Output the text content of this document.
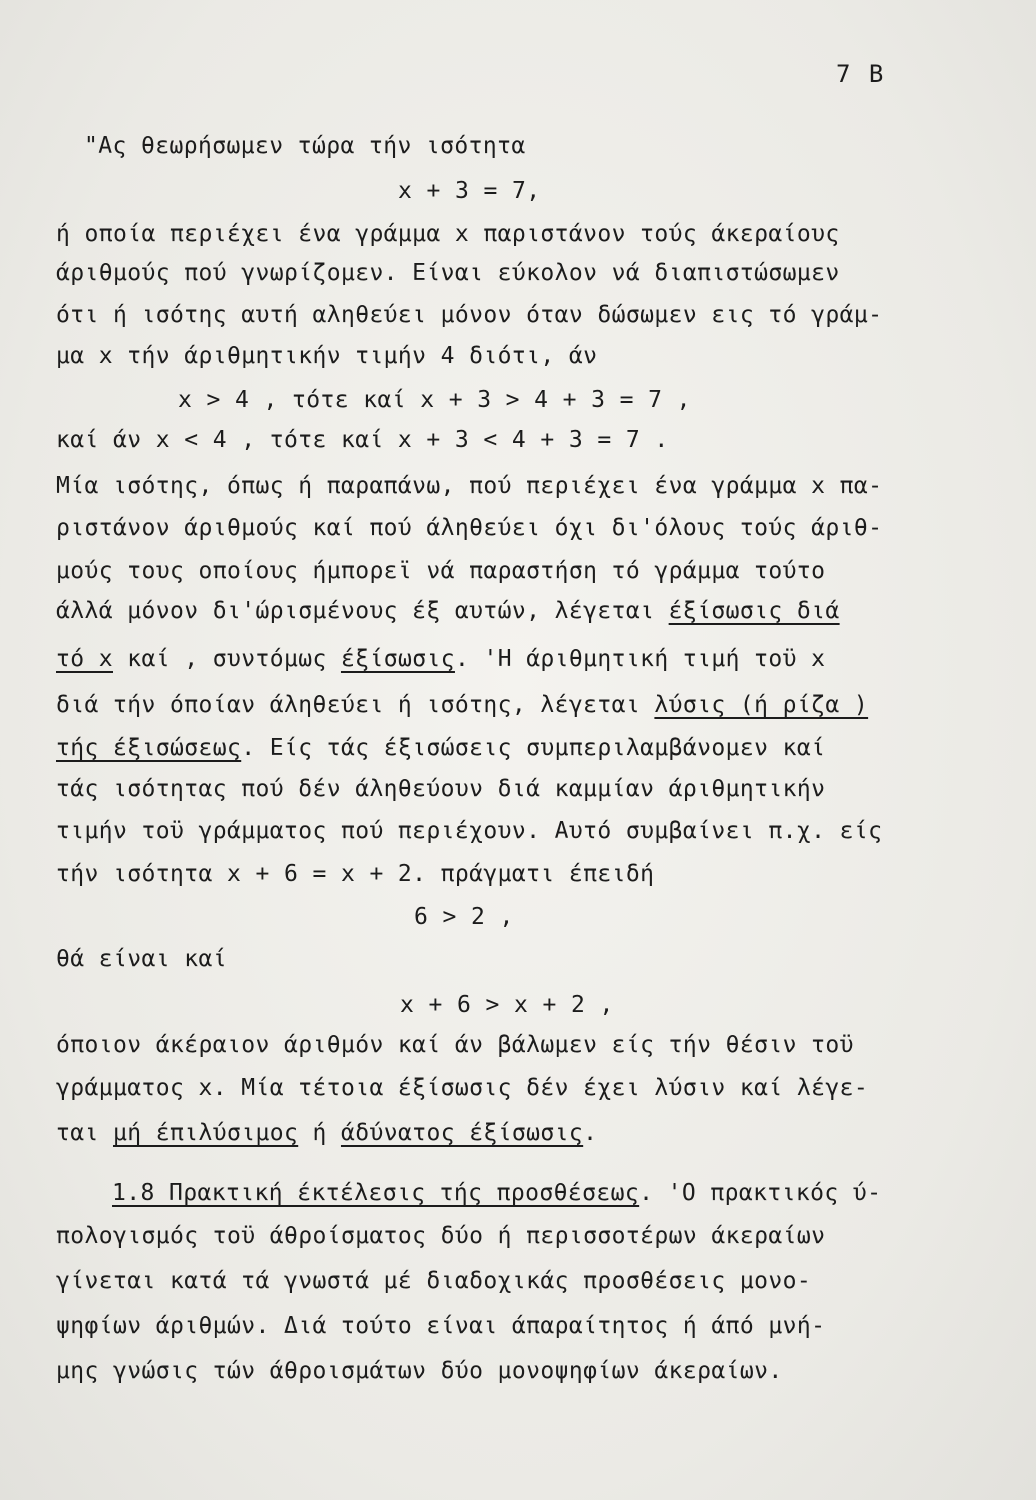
7 Β
"Ας θεωρήσωμεν τώρα τήν ισότητα
x + 3 = 7,
ή οποία περιέχει ένα γράμμα x παριστάνον τούς άκεραίους
άριθμούς πού γνωρίζομεν. Είναι εύκολον νά διαπιστώσωμεν
ότι ή ισότης αυτή αληθεύει μόνον όταν δώσωμεν εις τό γράμ-
μα x τήν άριθμητικήν τιμήν 4 διότι, άν
x > 4 , τότε καί x + 3 > 4 + 3 = 7 ,
καί άν x < 4 , τότε καί x + 3 < 4 + 3 = 7 .
Μία ισότης, όπως ή παραπάνω, πού περιέχει ένα γράμμα x πα-
ριστάνον άριθμούς καί πού άληθεύει όχι δι'όλους τούς άριθ-
μούς τους οποίους ήμπορεϊ νά παραστήση τό γράμμα τούτο
άλλά μόνον δι'ώρισμένους έξ αυτών, λέγεται έξίσωσις διά
τό x καί , συντόμως έξίσωσις. 'Η άριθμητική τιμή τοϋ x
διά τήν όποίαν άληθεύει ή ισότης, λέγεται λύσις (ή ρίζα )
τής έξισώσεως. Είς τάς έξισώσεις συμπεριλαμβάνομεν καί
τάς ισότητας πού δέν άληθεύουν διά καμμίαν άριθμητικήν
τιμήν τοϋ γράμματος πού περιέχουν. Αυτό συμβαίνει π.χ. είς
τήν ισότητα x + 6 = x + 2. πράγματι έπειδή
6 > 2 ,
θά είναι καί
x + 6 > x + 2 ,
όποιον άκέραιον άριθμόν καί άν βάλωμεν είς τήν θέσιν τοϋ
γράμματος x. Μία τέτοια έξίσωσις δέν έχει λύσιν καί λέγε-
ται μή έπιλύσιμος ή άδύνατος έξίσωσις.
1.8 Πρακτική έκτέλεσις τής προσθέσεως. 'Ο πρακτικός ύ-
πολογισμός τοϋ άθροίσματος δύο ή περισσοτέρων άκεραίων
γίνεται κατά τά γνωστά μέ διαδοχικάς προσθέσεις μονο-
ψηφίων άριθμών. Διά τούτο είναι άπαραίτητος ή άπό μνή-
μης γνώσις τών άθροισμάτων δύο μονοψηφίων άκεραίων.
